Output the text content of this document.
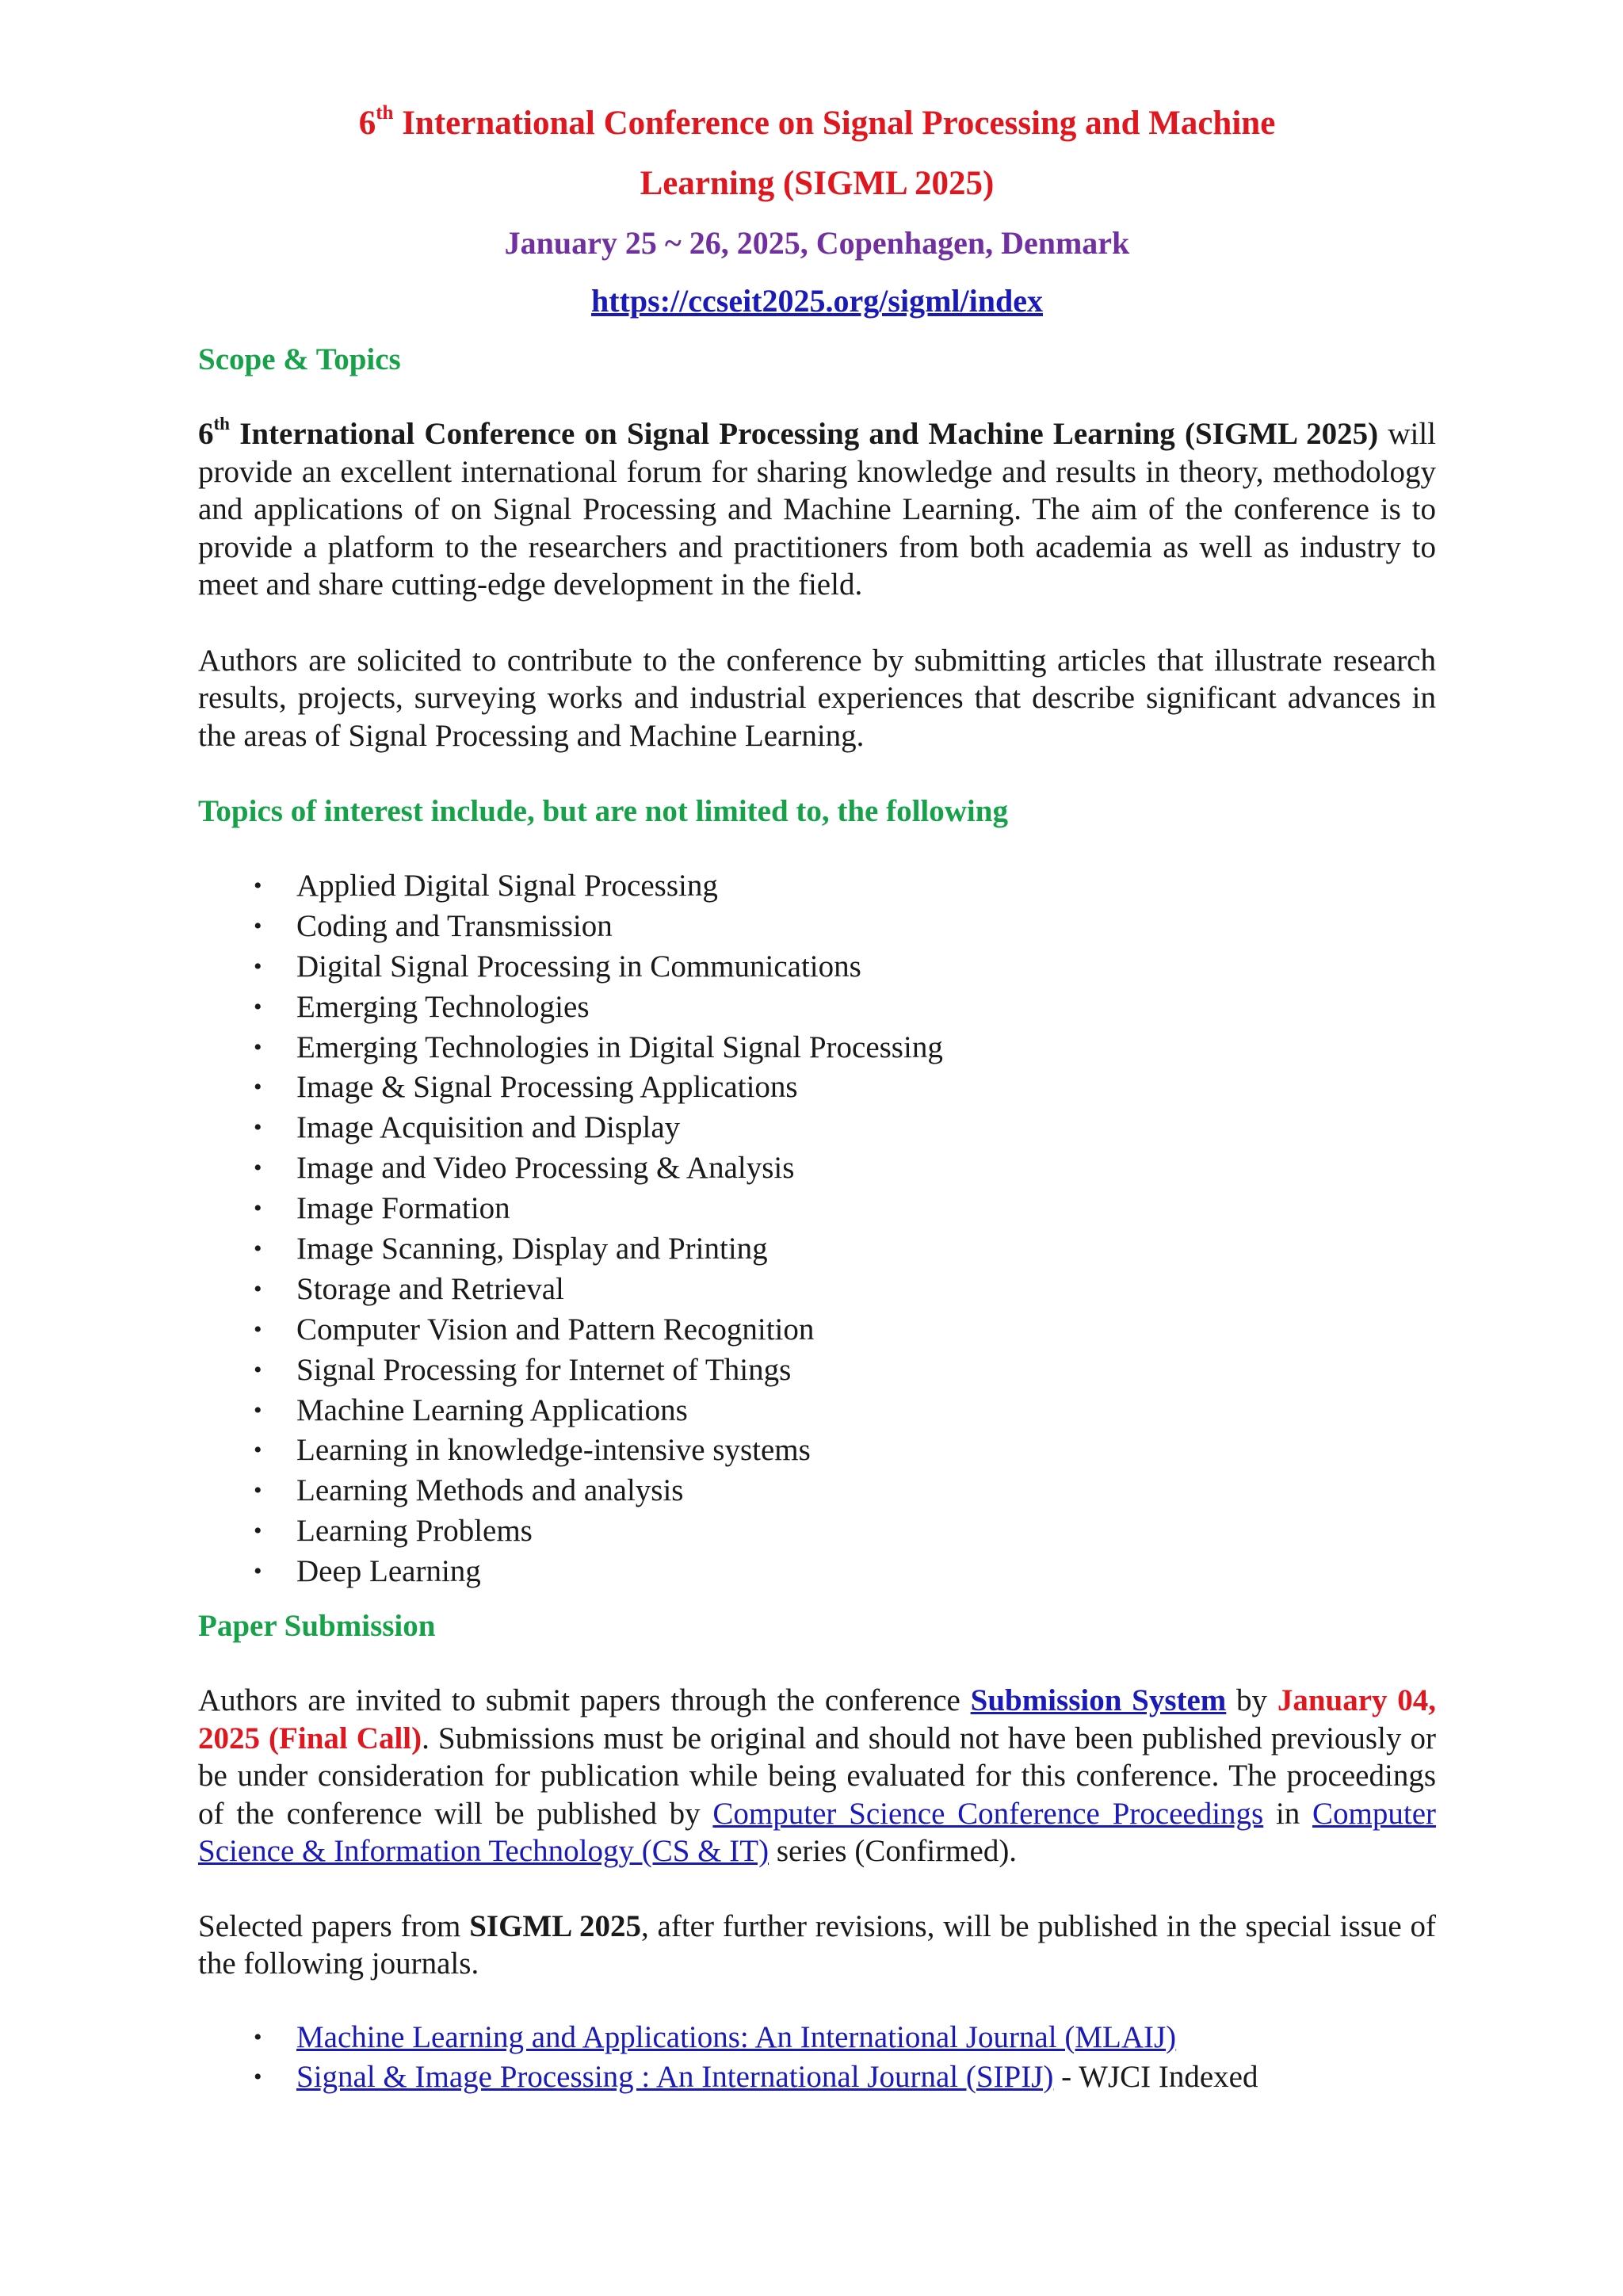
6th International Conference on Signal Processing and Machine
Learning (SIGML 2025)
January 25 ~ 26, 2025, Copenhagen, Denmark
https://ccseit2025.org/sigml/index
Scope & Topics

6th International Conference on Signal Processing and Machine Learning (SIGML 2025) will provide an excellent international forum for sharing knowledge and results in theory, methodology and applications of on Signal Processing and Machine Learning. The aim of the conference is to provide a platform to the researchers and practitioners from both academia as well as industry to meet and share cutting-edge development in the field.

Authors are solicited to contribute to the conference by submitting articles that illustrate research results, projects, surveying works and industrial experiences that describe significant advances in the areas of Signal Processing and Machine Learning.

Topics of interest include, but are not limited to, the following
• Applied Digital Signal Processing
• Coding and Transmission
• Digital Signal Processing in Communications
• Emerging Technologies
• Emerging Technologies in Digital Signal Processing
• Image & Signal Processing Applications
• Image Acquisition and Display
• Image and Video Processing & Analysis
• Image Formation
• Image Scanning, Display and Printing
• Storage and Retrieval
• Computer Vision and Pattern Recognition
• Signal Processing for Internet of Things
• Machine Learning Applications
• Learning in knowledge-intensive systems
• Learning Methods and analysis
• Learning Problems
• Deep Learning
Paper Submission

Authors are invited to submit papers through the conference Submission System by January 04, 2025 (Final Call). Submissions must be original and should not have been published previously or be under consideration for publication while being evaluated for this conference. The proceedings of the conference will be published by Computer Science Conference Proceedings in Computer Science & Information Technology (CS & IT) series (Confirmed).

Selected papers from SIGML 2025, after further revisions, will be published in the special issue of the following journals.

• Machine Learning and Applications: An International Journal (MLAIJ)
• Signal & Image Processing : An International Journal (SIPIJ) - WJCI Indexed
